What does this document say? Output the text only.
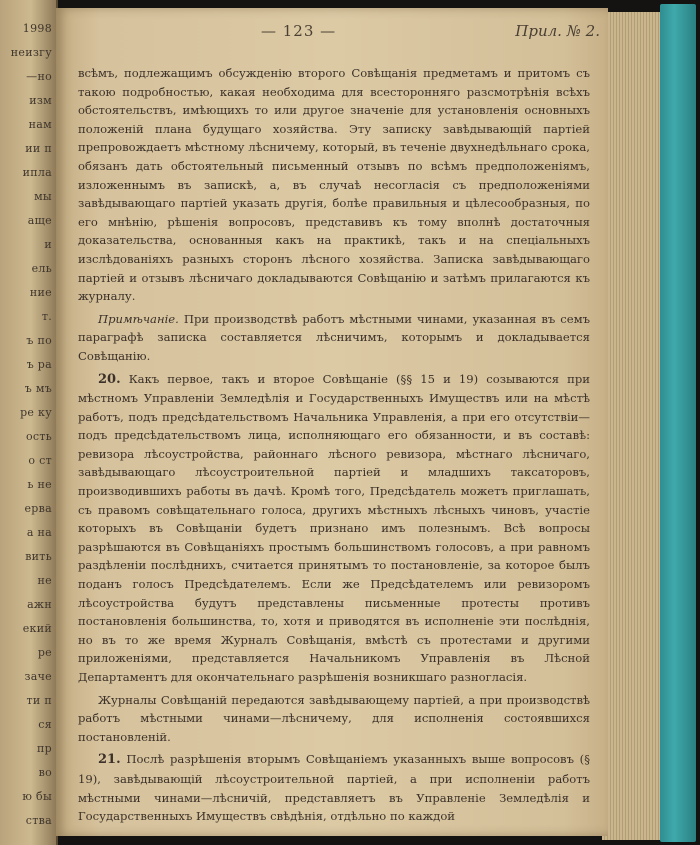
1998
неизгу
—но
изм
нам
ии п
ипла
мы
аще
и
ель
ние
т.
ъ по
ъ ра
ъ мъ
ре ку
ость
о ст
ь не
ерва
а на
вить
не
ажн
екий
ре
заче
ти п
ся
пр
во
ю бы
ства
— 123 —	Прил. № 2.

всѣмъ, подлежащимъ обсужденію второго Совѣщанія предметамъ и притомъ съ такою подробностью, какая необходима для всесторонняго разсмотрѣнія всѣхъ обстоятельствъ, имѣющихъ то или другое значеніе для установленія основныхъ положеній плана будущаго хозяйства. Эту записку завѣдывающій партіей препровождаетъ мѣстному лѣсничему, который, въ теченіе двухнедѣльнаго срока, обязанъ дать обстоятельный письменный отзывъ по всѣмъ предположеніямъ, изложеннымъ въ запискѣ, а, въ случаѣ несогласія съ предположеніями завѣдывающаго партіей указать другія, болѣе правильныя и цѣлесообразныя, по его мнѣнію, рѣшенія вопросовъ, представивъ къ тому вполнѣ достаточныя доказательства, основанныя какъ на практикѣ, такъ и на спеціальныхъ изслѣдованіяхъ разныхъ сторонъ лѣсного хозяйства. Записка завѣдывающаго партіей и отзывъ лѣсничаго докладываются Совѣщанію и затѣмъ прилагаются къ журналу.

Примѣчаніе. При производствѣ работъ мѣстными чинами, указанная въ семъ параграфѣ записка составляется лѣсничимъ, которымъ и докладывается Совѣщанію.

20. Какъ первое, такъ и второе Совѣщаніе (§§ 15 и 19) созываются при мѣстномъ Управленіи Земледѣлія и Государственныхъ Имуществъ или на мѣстѣ работъ, подъ предсѣдательствомъ Начальника Управленія, а при его отсутствіи—подъ предсѣдательствомъ лица, исполняющаго его обязанности, и въ составѣ: ревизора лѣсоустройства, районнаго лѣсного ревизора, мѣстнаго лѣсничаго, завѣдывающаго лѣсоустроительной партіей и младшихъ таксаторовъ, производившихъ работы въ дачѣ. Кромѣ того, Предсѣдатель можетъ приглашать, съ правомъ совѣщательнаго голоса, другихъ мѣстныхъ лѣсныхъ чиновъ, участіе которыхъ въ Совѣщаніи будетъ признано имъ полезнымъ. Всѣ вопросы разрѣшаются въ Совѣщаніяхъ простымъ большинствомъ голосовъ, а при равномъ раздѣленіи послѣднихъ, считается принятымъ то постановленіе, за которое былъ поданъ голосъ Предсѣдателемъ. Если же Предсѣдателемъ или ревизоромъ лѣсоустройства будутъ представлены письменные протесты противъ постановленія большинства, то, хотя и приводятся въ исполненіе эти послѣднія, но въ то же время Журналъ Совѣщанія, вмѣстѣ съ протестами и другими приложеніями, представляется Начальникомъ Управленія въ Лѣсной Департаментъ для окончательнаго разрѣшенія возникшаго разногласія.

Журналы Совѣщаній передаются завѣдывающему партіей, а при производствѣ работъ мѣстными чинами—лѣсничему, для исполненія состоявшихся постановленій.

21. Послѣ разрѣшенія вторымъ Совѣщаніемъ указанныхъ выше вопросовъ (§ 19), завѣдывающій лѣсоустроительной партіей, а при исполненіи работъ мѣстными чинами—лѣсничій, представляетъ въ Управленіе Земледѣлія и Государственныхъ Имуществъ свѣдѣнія, отдѣльно по каждой
